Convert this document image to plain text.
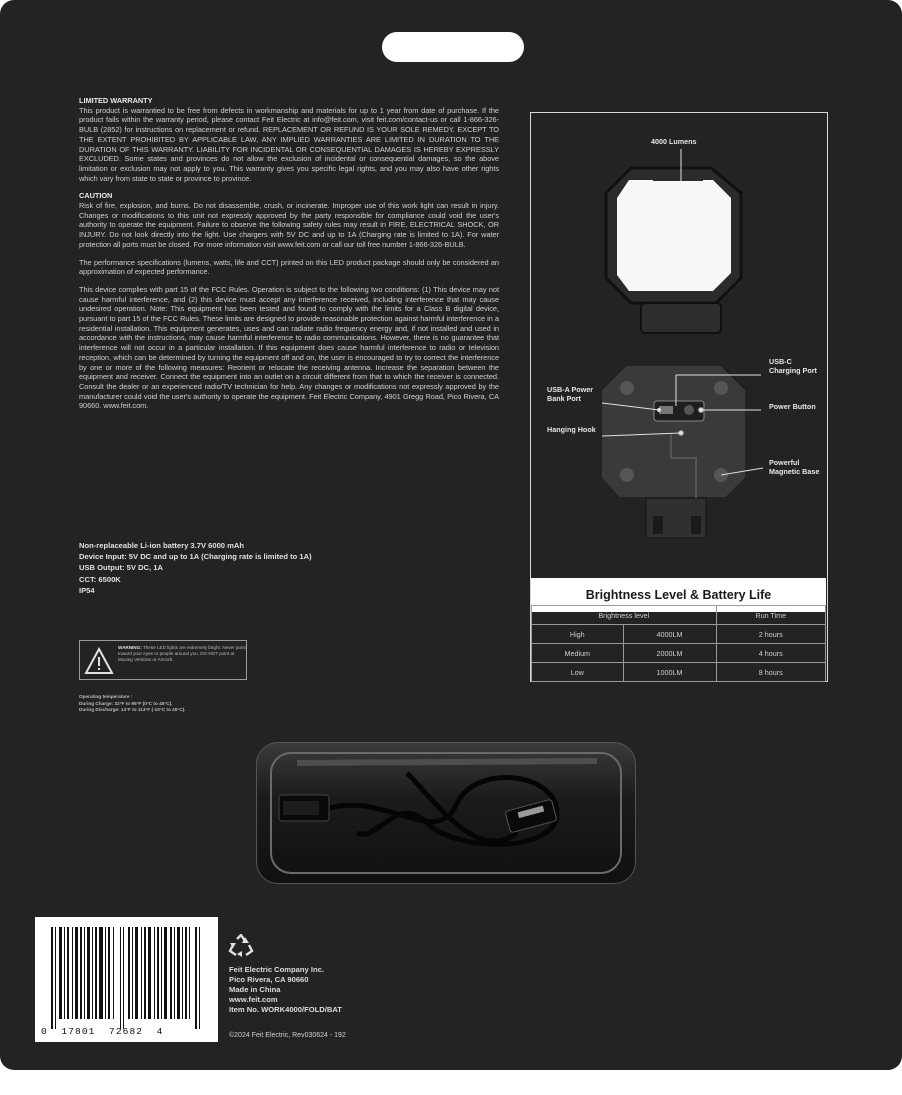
LIMITED WARRANTY

This product is warrantied to be free from defects in workmanship and materials for up to 1 year from date of purchase. If the product fails within the warranty period, please contact Feit Electric at info@feit.com, visit feit.com/contact-us or call 1-866-326-BULB (2852) for instructions on replacement or refund. REPLACEMENT OR REFUND IS YOUR SOLE REMEDY. EXCEPT TO THE EXTENT PROHIBITED BY APPLICABLE LAW, ANY IMPLIED WARRANTIES ARE LIMITED IN DURATION TO THE DURATION OF THIS WARRANTY. LIABILITY FOR INCIDENTAL OR CONSEQUENTIAL DAMAGES IS HEREBY EXPRESSLY EXCLUDED. Some states and provinces do not allow the exclusion of incidental or consequential damages, so the above limitation or exclusion may not apply to you. This warranty gives you specific legal rights, and you may also have other rights which vary from state to state or province to province.

CAUTION

Risk of fire, explosion, and burns. Do not disassemble, crush, or incinerate. Improper use of this work light can result in injury. Changes or modifications to this unit not expressly approved by the party responsible for compliance could void the user's authority to operate the equipment. Failure to observe the following safety rules may result in FIRE, ELECTRICAL SHOCK, OR INJURY. Do not look directly into the light. Use chargers with 5V DC and up to 1A (Charging rate is limited to 1A). For water protection all ports must be closed. For more information visit www.feit.com or call our toll free number 1-866-326-BULB.

The performance specifications (lumens, watts, life and CCT) printed on this LED product package should only be considered an approximation of expected performance.

This device complies with part 15 of the FCC Rules. Operation is subject to the following two conditions: (1) This device may not cause harmful interference, and (2) this device must accept any interference received, including interference that may cause undesired operation. Note: This equipment has been tested and found to comply with the limits for a Class B digital device, pursuant to part 15 of the FCC Rules. These limits are designed to provide reasonable protection against harmful interference in a residential installation. This equipment generates, uses and can radiate radio frequency energy and, if not installed and used in accordance with the instructions, may cause harmful interference to radio communications. However, there is no guarantee that interference will not occur in a particular installation. If this equipment does cause harmful interference to radio or television reception, which can be determined by turning the equipment off and on, the user is encouraged to try to correct the interference by one or more of the following measures: Reorient or relocate the receiving antenna. Increase the separation between the equipment and receiver. Connect the equipment into an outlet on a circuit different from that to which the receiver is connected. Consult the dealer or an experienced radio/TV technician for help. Any changes or modifications not expressly approved by the manufacturer could void the user's authority to operate the equipment. Feit Electric Company, 4901 Gregg Road, Pico Rivera, CA 90660. www.feit.com.

Non-replaceable Li-ion battery 3.7V 6000 mAh
Device Input: 5V DC and up to 1A (Charging rate is limited to 1A)
USB Output: 5V DC, 1A
CCT: 6500K
IP54
WARNING: These LED lights are extremely bright. Never point toward your eyes or people around you. DO NOT point at Moving Vehicles or Aircraft.
Operating temperature :
During Charge: 32°F to 95°F (0°C to 45°C).
During Discharge: 14°F to 113°F (-10°C to 45°C).
4000 Lumens
USB-C Charging Port
USB-A Power Bank Port
Power Button
Hanging Hook
Powerful Magnetic Base
Brightness Level & Battery Life
Brightness level		Run Time
High	4000LM	2 hours
Medium	2000LM	4 hours
Low	1000LM	8 hours
0 17801 72682 4
Feit Electric Company Inc.
Pico Rivera, CA 90660
Made in China
www.feit.com
Item No. WORK4000/FOLD/BAT
©2024 Feit Electric, Rev030624 - 192
